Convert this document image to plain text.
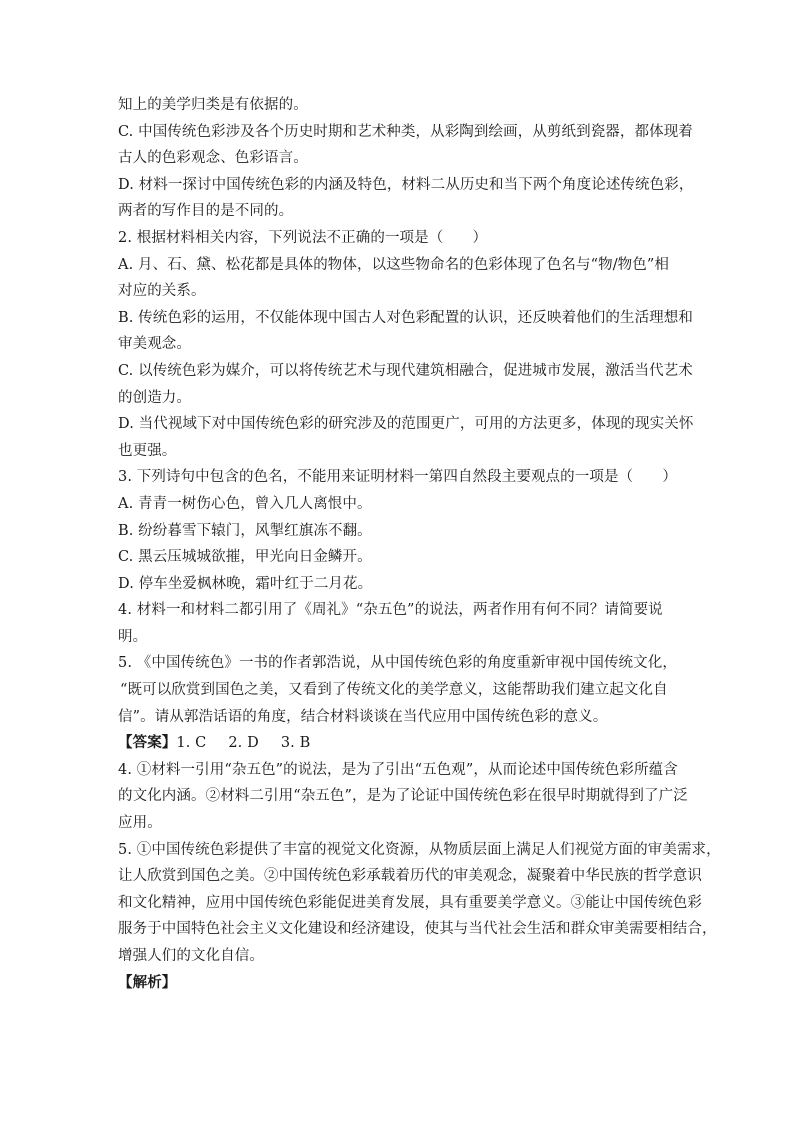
知上的美学归类是有依据的。
C. 中国传统色彩涉及各个历史时期和艺术种类，从彩陶到绘画，从剪纸到瓷器，都体现着
古人的色彩观念、色彩语言。
D. 材料一探讨中国传统色彩的内涵及特色，材料二从历史和当下两个角度论述传统色彩，
两者的写作目的是不同的。
2. 根据材料相关内容，下列说法不正确的一项是（　　）
A. 月、石、黛、松花都是具体的物体，以这些物命名的色彩体现了色名与“物/物色”相
对应的关系。
B. 传统色彩的运用，不仅能体现中国古人对色彩配置的认识，还反映着他们的生活理想和
审美观念。
C. 以传统色彩为媒介，可以将传统艺术与现代建筑相融合，促进城市发展，激活当代艺术
的创造力。
D. 当代视域下对中国传统色彩的研究涉及的范围更广，可用的方法更多，体现的现实关怀
也更强。
3. 下列诗句中包含的色名，不能用来证明材料一第四自然段主要观点的一项是（　　）
A. 青青一树伤心色，曾入几人离恨中。
B. 纷纷暮雪下辕门，风掣红旗冻不翻。
C. 黑云压城城欲摧，甲光向日金鳞开。
D. 停车坐爱枫林晚，霜叶红于二月花。
4. 材料一和材料二都引用了《周礼》“杂五色”的说法，两者作用有何不同？请简要说
明。
5. 《中国传统色》一书的作者郭浩说，从中国传统色彩的角度重新审视中国传统文化，
“既可以欣赏到国色之美，又看到了传统文化的美学意义，这能帮助我们建立起文化自
信”。请从郭浩话语的角度，结合材料谈谈在当代应用中国传统色彩的意义。
【答案】1. C 2. D 3. B
4. ①材料一引用“杂五色”的说法，是为了引出“五色观”，从而论述中国传统色彩所蕴含
的文化内涵。②材料二引用“杂五色”，是为了论证中国传统色彩在很早时期就得到了广泛
应用。
5. ①中国传统色彩提供了丰富的视觉文化资源，从物质层面上满足人们视觉方面的审美需求，
让人欣赏到国色之美。②中国传统色彩承载着历代的审美观念，凝聚着中华民族的哲学意识
和文化精神，应用中国传统色彩能促进美育发展，具有重要美学意义。③能让中国传统色彩
服务于中国特色社会主义文化建设和经济建设，使其与当代社会生活和群众审美需要相结合，
增强人们的文化自信。
【解析】
